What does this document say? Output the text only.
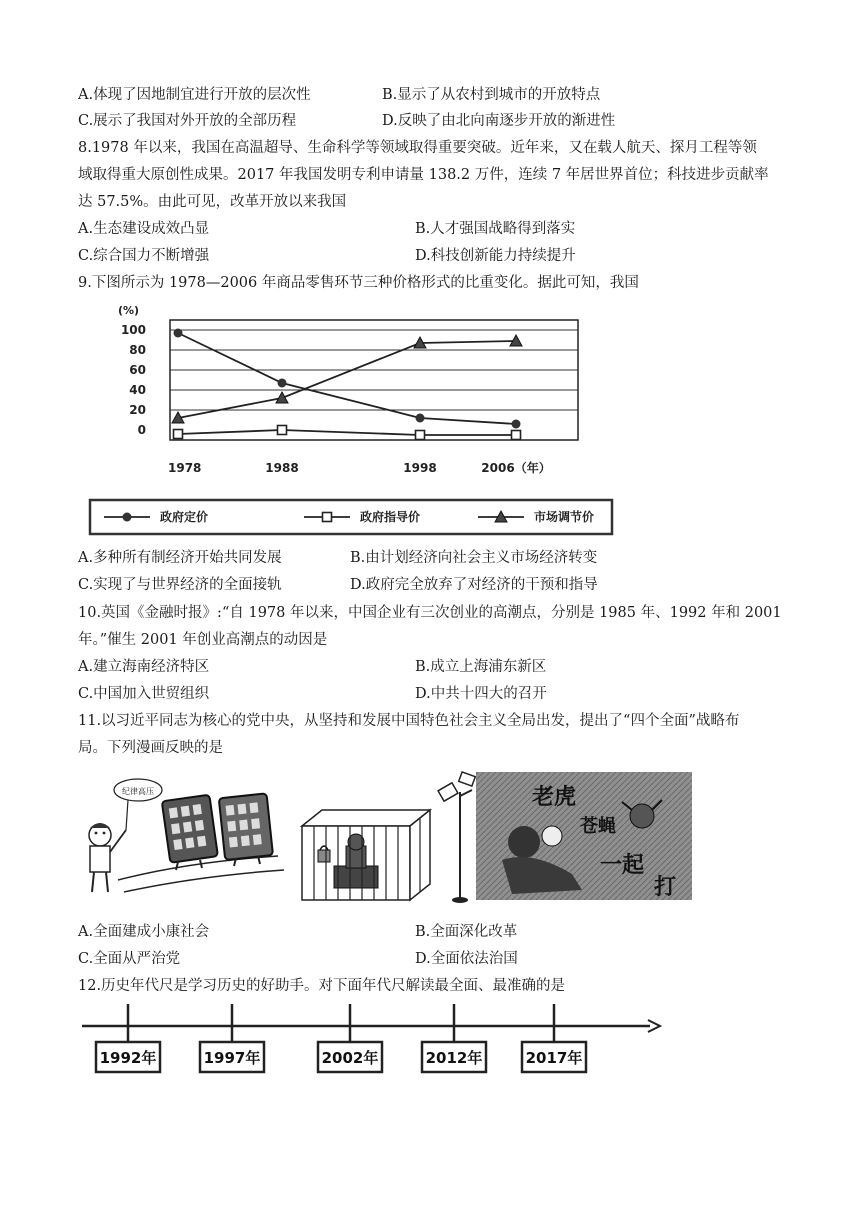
A.体现了因地制宜进行开放的层次性	B.显示了从农村到城市的开放特点
C.展示了我国对外开放的全部历程	D.反映了由北向南逐步开放的渐进性
8.1978 年以来，我国在高温超导、生命科学等领域取得重要突破。近年来，又在载人航天、探月工程等领
域取得重大原创性成果。2017 年我国发明专利申请量 138.2 万件，连续 7 年居世界首位；科技进步贡献率
达 57.5%。由此可见，改革开放以来我国
A.生态建设成效凸显	B.人才强国战略得到落实
C.综合国力不断增强	D.科技创新能力持续提升
9.下图所示为 1978—2006 年商品零售环节三种价格形式的比重变化。据此可知，我国
100
80
60
40
20
0
1978	1988	1998	2006（年）
(%)
政府定价	政府指导价	市场调节价
A.多种所有制经济开始共同发展	B.由计划经济向社会主义市场经济转变
C.实现了与世界经济的全面接轨	D.政府完全放弃了对经济的干预和指导
10.英国《金融时报》:“自 1978 年以来，中国企业有三次创业的高潮点，分别是 1985 年、1992 年和 2001
年。”催生 2001 年创业高潮点的动因是
A.建立海南经济特区	B.成立上海浦东新区
C.中国加入世贸组织	D.中共十四大的召开
11.以习近平同志为核心的党中央，从坚持和发展中国特色社会主义全局出发，提出了“四个全面”战略布
局。下列漫画反映的是
纪律高压	老虎
苍蝇
一起
打
A.全面建成小康社会	B.全面深化改革
C.全面从严治党	D.全面依法治国
12.历史年代尺是学习历史的好助手。对下面年代尺解读最全面、最准确的是
1992年	1997年	2002年	2012年	2017年
